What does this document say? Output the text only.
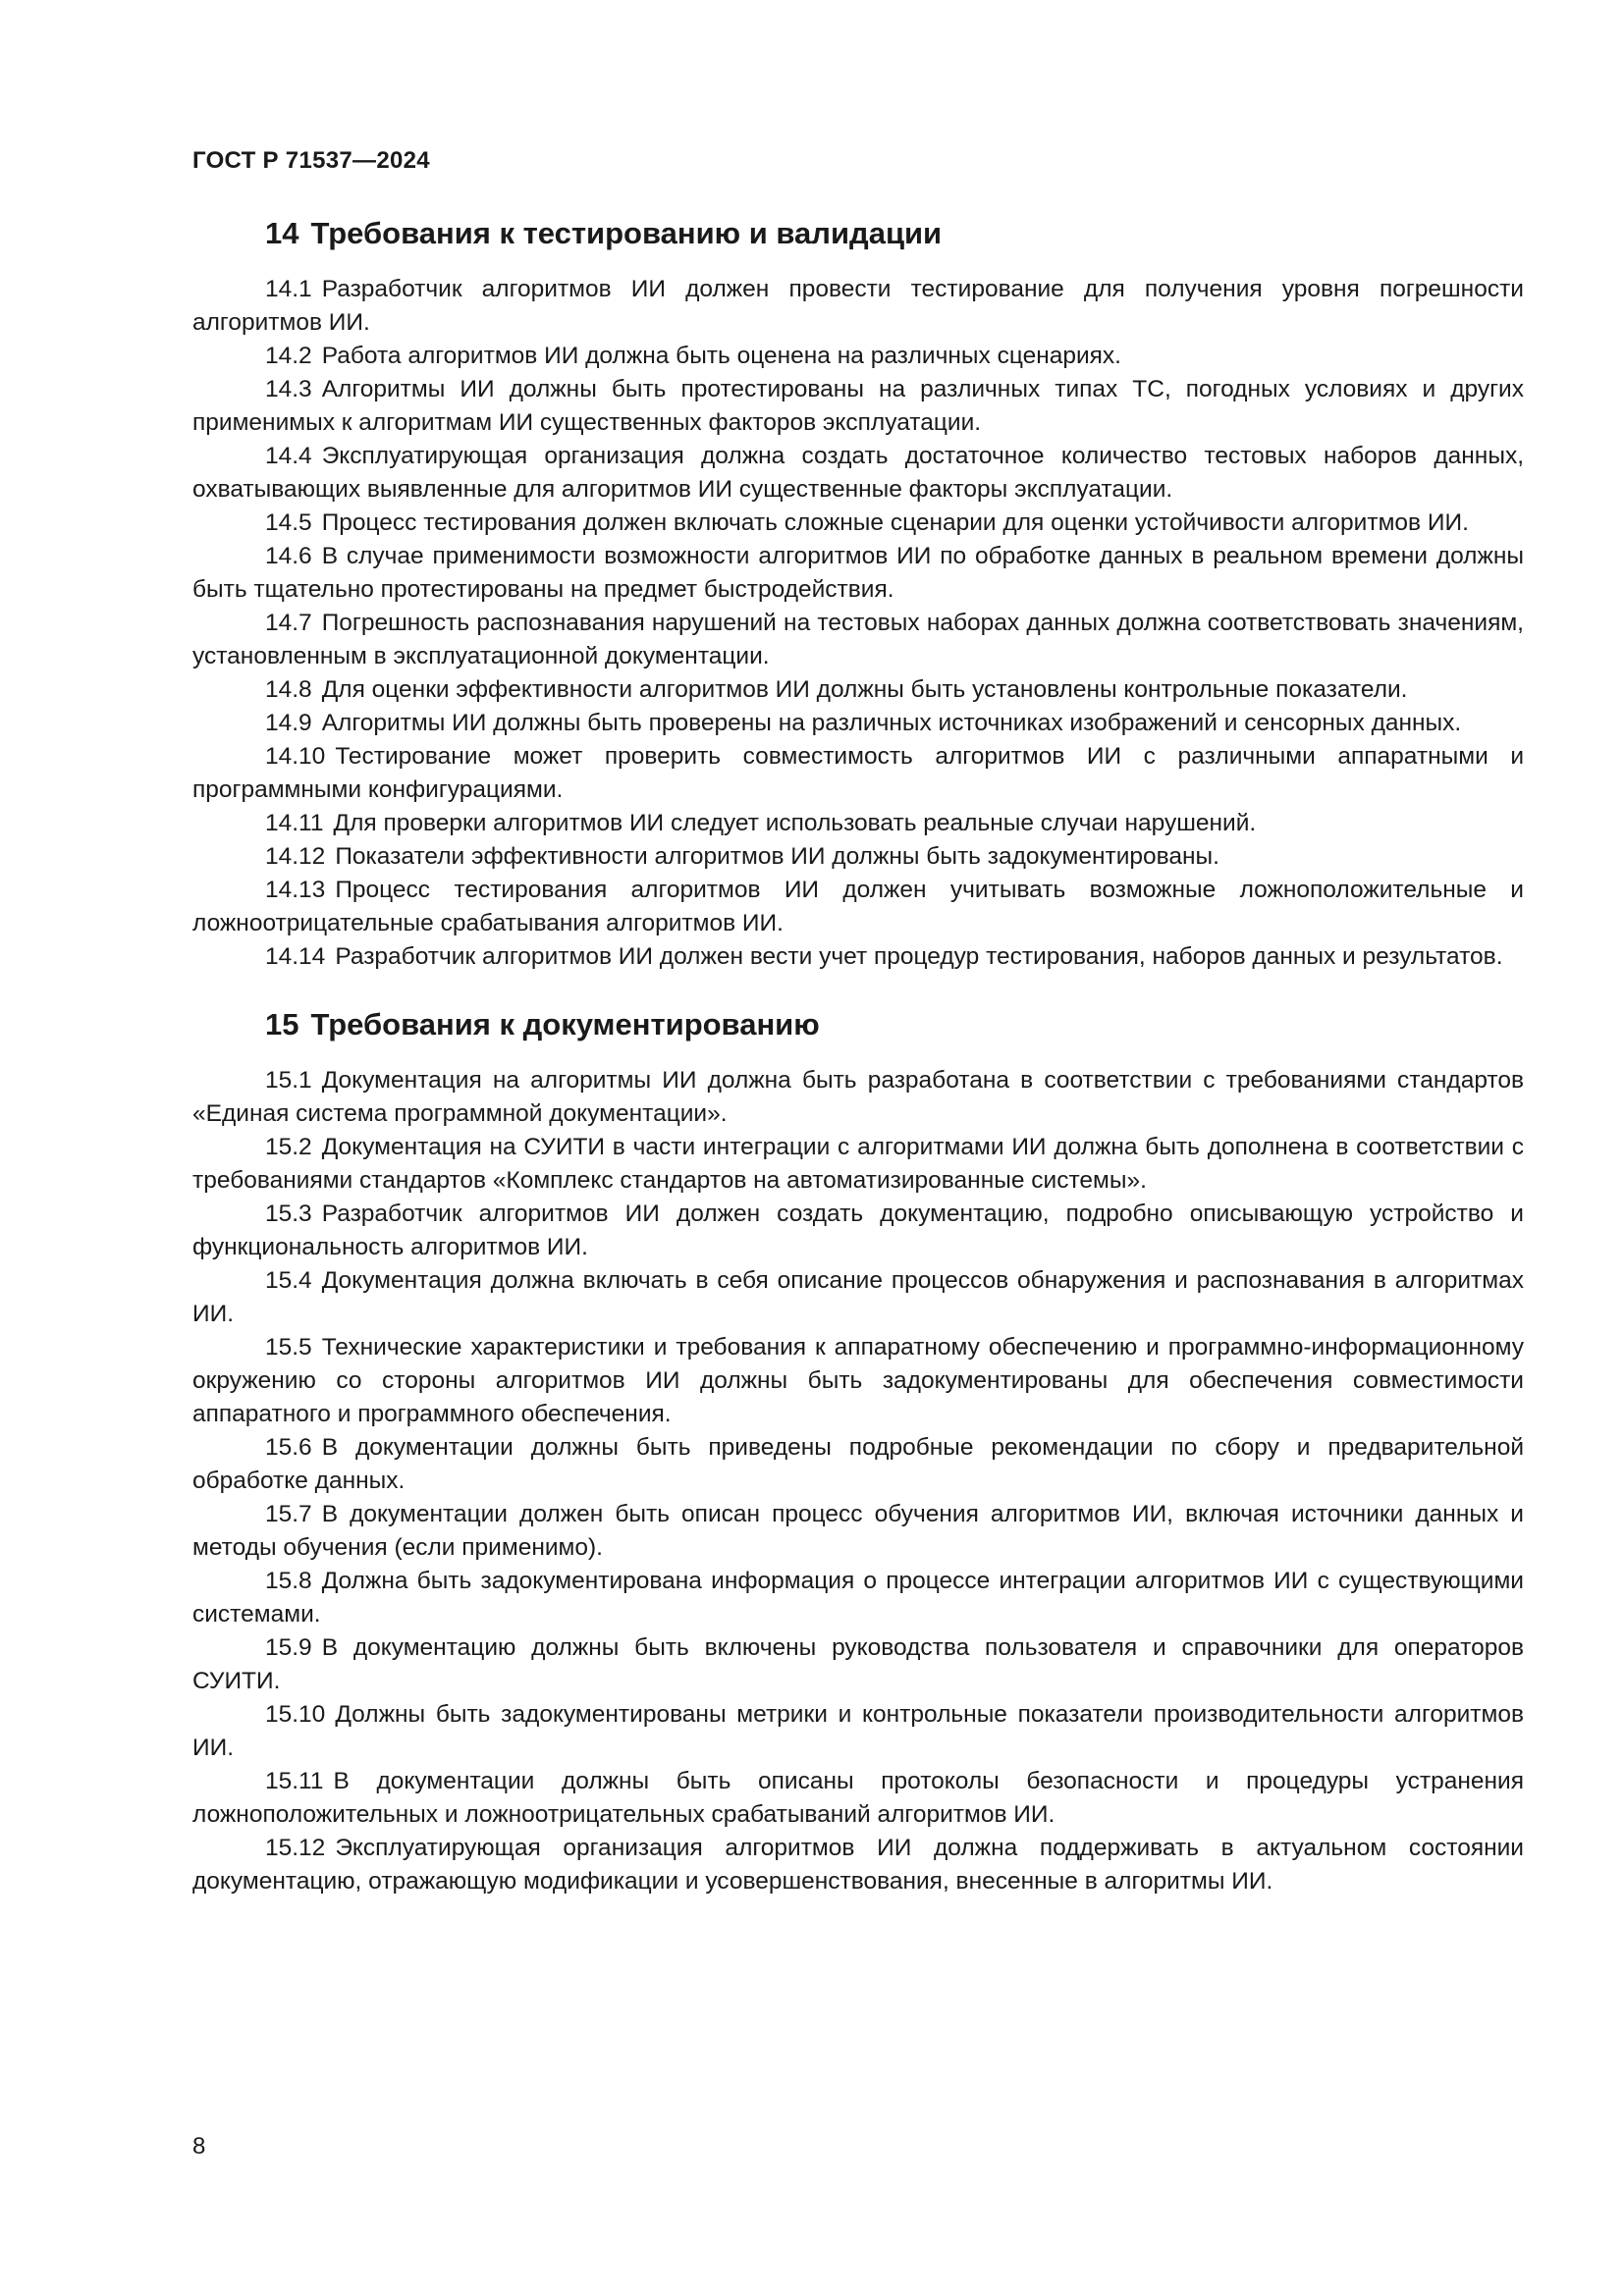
ГОСТ Р 71537—2024
14 Требования к тестированию и валидации

14.1 Разработчик алгоритмов ИИ должен провести тестирование для получения уровня погрешности алгоритмов ИИ.

14.2 Работа алгоритмов ИИ должна быть оценена на различных сценариях.

14.3 Алгоритмы ИИ должны быть протестированы на различных типах ТС, погодных условиях и других применимых к алгоритмам ИИ существенных факторов эксплуатации.

14.4 Эксплуатирующая организация должна создать достаточное количество тестовых наборов данных, охватывающих выявленные для алгоритмов ИИ существенные факторы эксплуатации.

14.5 Процесс тестирования должен включать сложные сценарии для оценки устойчивости алгоритмов ИИ.

14.6 В случае применимости возможности алгоритмов ИИ по обработке данных в реальном времени должны быть тщательно протестированы на предмет быстродействия.

14.7 Погрешность распознавания нарушений на тестовых наборах данных должна соответствовать значениям, установленным в эксплуатационной документации.

14.8 Для оценки эффективности алгоритмов ИИ должны быть установлены контрольные показатели.

14.9 Алгоритмы ИИ должны быть проверены на различных источниках изображений и сенсорных данных.

14.10 Тестирование может проверить совместимость алгоритмов ИИ с различными аппаратными и программными конфигурациями.

14.11 Для проверки алгоритмов ИИ следует использовать реальные случаи нарушений.

14.12 Показатели эффективности алгоритмов ИИ должны быть задокументированы.

14.13 Процесс тестирования алгоритмов ИИ должен учитывать возможные ложноположительные и ложноотрицательные срабатывания алгоритмов ИИ.

14.14 Разработчик алгоритмов ИИ должен вести учет процедур тестирования, наборов данных и результатов.

15 Требования к документированию

15.1 Документация на алгоритмы ИИ должна быть разработана в соответствии с требованиями стандартов «Единая система программной документации».

15.2 Документация на СУИТИ в части интеграции с алгоритмами ИИ должна быть дополнена в соответствии с требованиями стандартов «Комплекс стандартов на автоматизированные системы».

15.3 Разработчик алгоритмов ИИ должен создать документацию, подробно описывающую устройство и функциональность алгоритмов ИИ.

15.4 Документация должна включать в себя описание процессов обнаружения и распознавания в алгоритмах ИИ.

15.5 Технические характеристики и требования к аппаратному обеспечению и программно-информационному окружению со стороны алгоритмов ИИ должны быть задокументированы для обеспечения совместимости аппаратного и программного обеспечения.

15.6 В документации должны быть приведены подробные рекомендации по сбору и предварительной обработке данных.

15.7 В документации должен быть описан процесс обучения алгоритмов ИИ, включая источники данных и методы обучения (если применимо).

15.8 Должна быть задокументирована информация о процессе интеграции алгоритмов ИИ с существующими системами.

15.9 В документацию должны быть включены руководства пользователя и справочники для операторов СУИТИ.

15.10 Должны быть задокументированы метрики и контрольные показатели производительности алгоритмов ИИ.

15.11 В документации должны быть описаны протоколы безопасности и процедуры устранения ложноположительных и ложноотрицательных срабатываний алгоритмов ИИ.

15.12 Эксплуатирующая организация алгоритмов ИИ должна поддерживать в актуальном состоянии документацию, отражающую модификации и усовершенствования, внесенные в алгоритмы ИИ.

8
